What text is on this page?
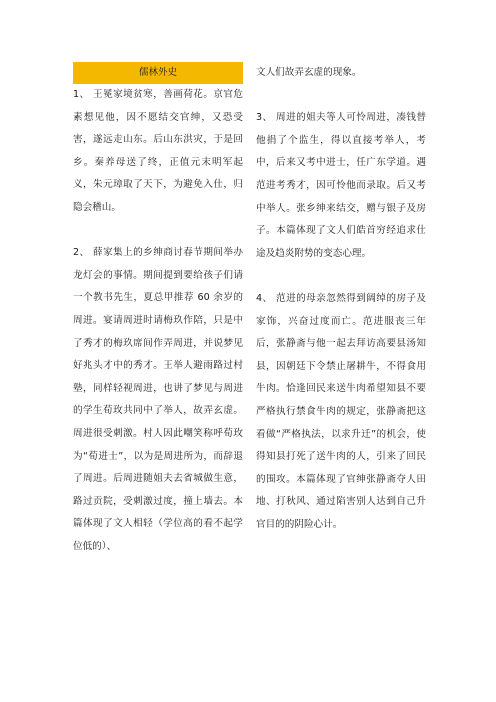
儒林外史

1、 王冕家境贫寒，善画荷花。京官危素想见他，因不愿结交官绅，又恐受害，遂远走山东。后山东洪灾，于是回乡。秦养母送了终，正值元末明军起义，朱元璋取了天下，为避免入仕，归隐会稽山。

2、 薛家集上的乡绅商讨春节期间举办龙灯会的事情。期间提到要给孩子们请一个教书先生，夏总甲推荐 60 余岁的周进。宴请周进时请梅玖作陪，只是中了秀才的梅玖席间作弄周进，并说梦见好兆头才中的秀才。王举人避雨路过村塾，同样轻视周进，也讲了梦见与周进的学生荀玫共同中了举人，故弄玄虚。周进很受刺激。村人因此嘲笑称呼荀玫为“荀进士”，以为是周进所为，而辞退了周进。后周进随姐夫去省城做生意，路过贡院，受刺激过度，撞上墙去。本篇体现了文人相轻（学位高的看不起学位低的）、

文人们故弄玄虚的现象。

3、 周进的姐夫等人可怜周进，凑钱替他捐了个监生，得以直接考举人，考中，后来又考中进士，任广东学道。遇范进考秀才，因可怜他而录取。后又考中举人。张乡绅来结交，赠与银子及房子。本篇体现了文人们皓首穷经追求仕途及趋炎附势的变态心理。

4、 范进的母亲忽然得到阔绰的房子及家饰，兴奋过度而亡。范进服丧三年后，张静斋与他一起去拜访高要县汤知县，因朝廷下令禁止屠耕牛，不得食用牛肉。恰逢回民来送牛肉希望知县不要严格执行禁食牛肉的规定，张静斋把这看做“严格执法，以求升迁”的机会，使得知县打死了送牛肉的人，引来了回民的围攻。本篇体现了官绅张静斋夺人田地、打秋风、通过陷害别人达到自己升官目的的阴险心计。
